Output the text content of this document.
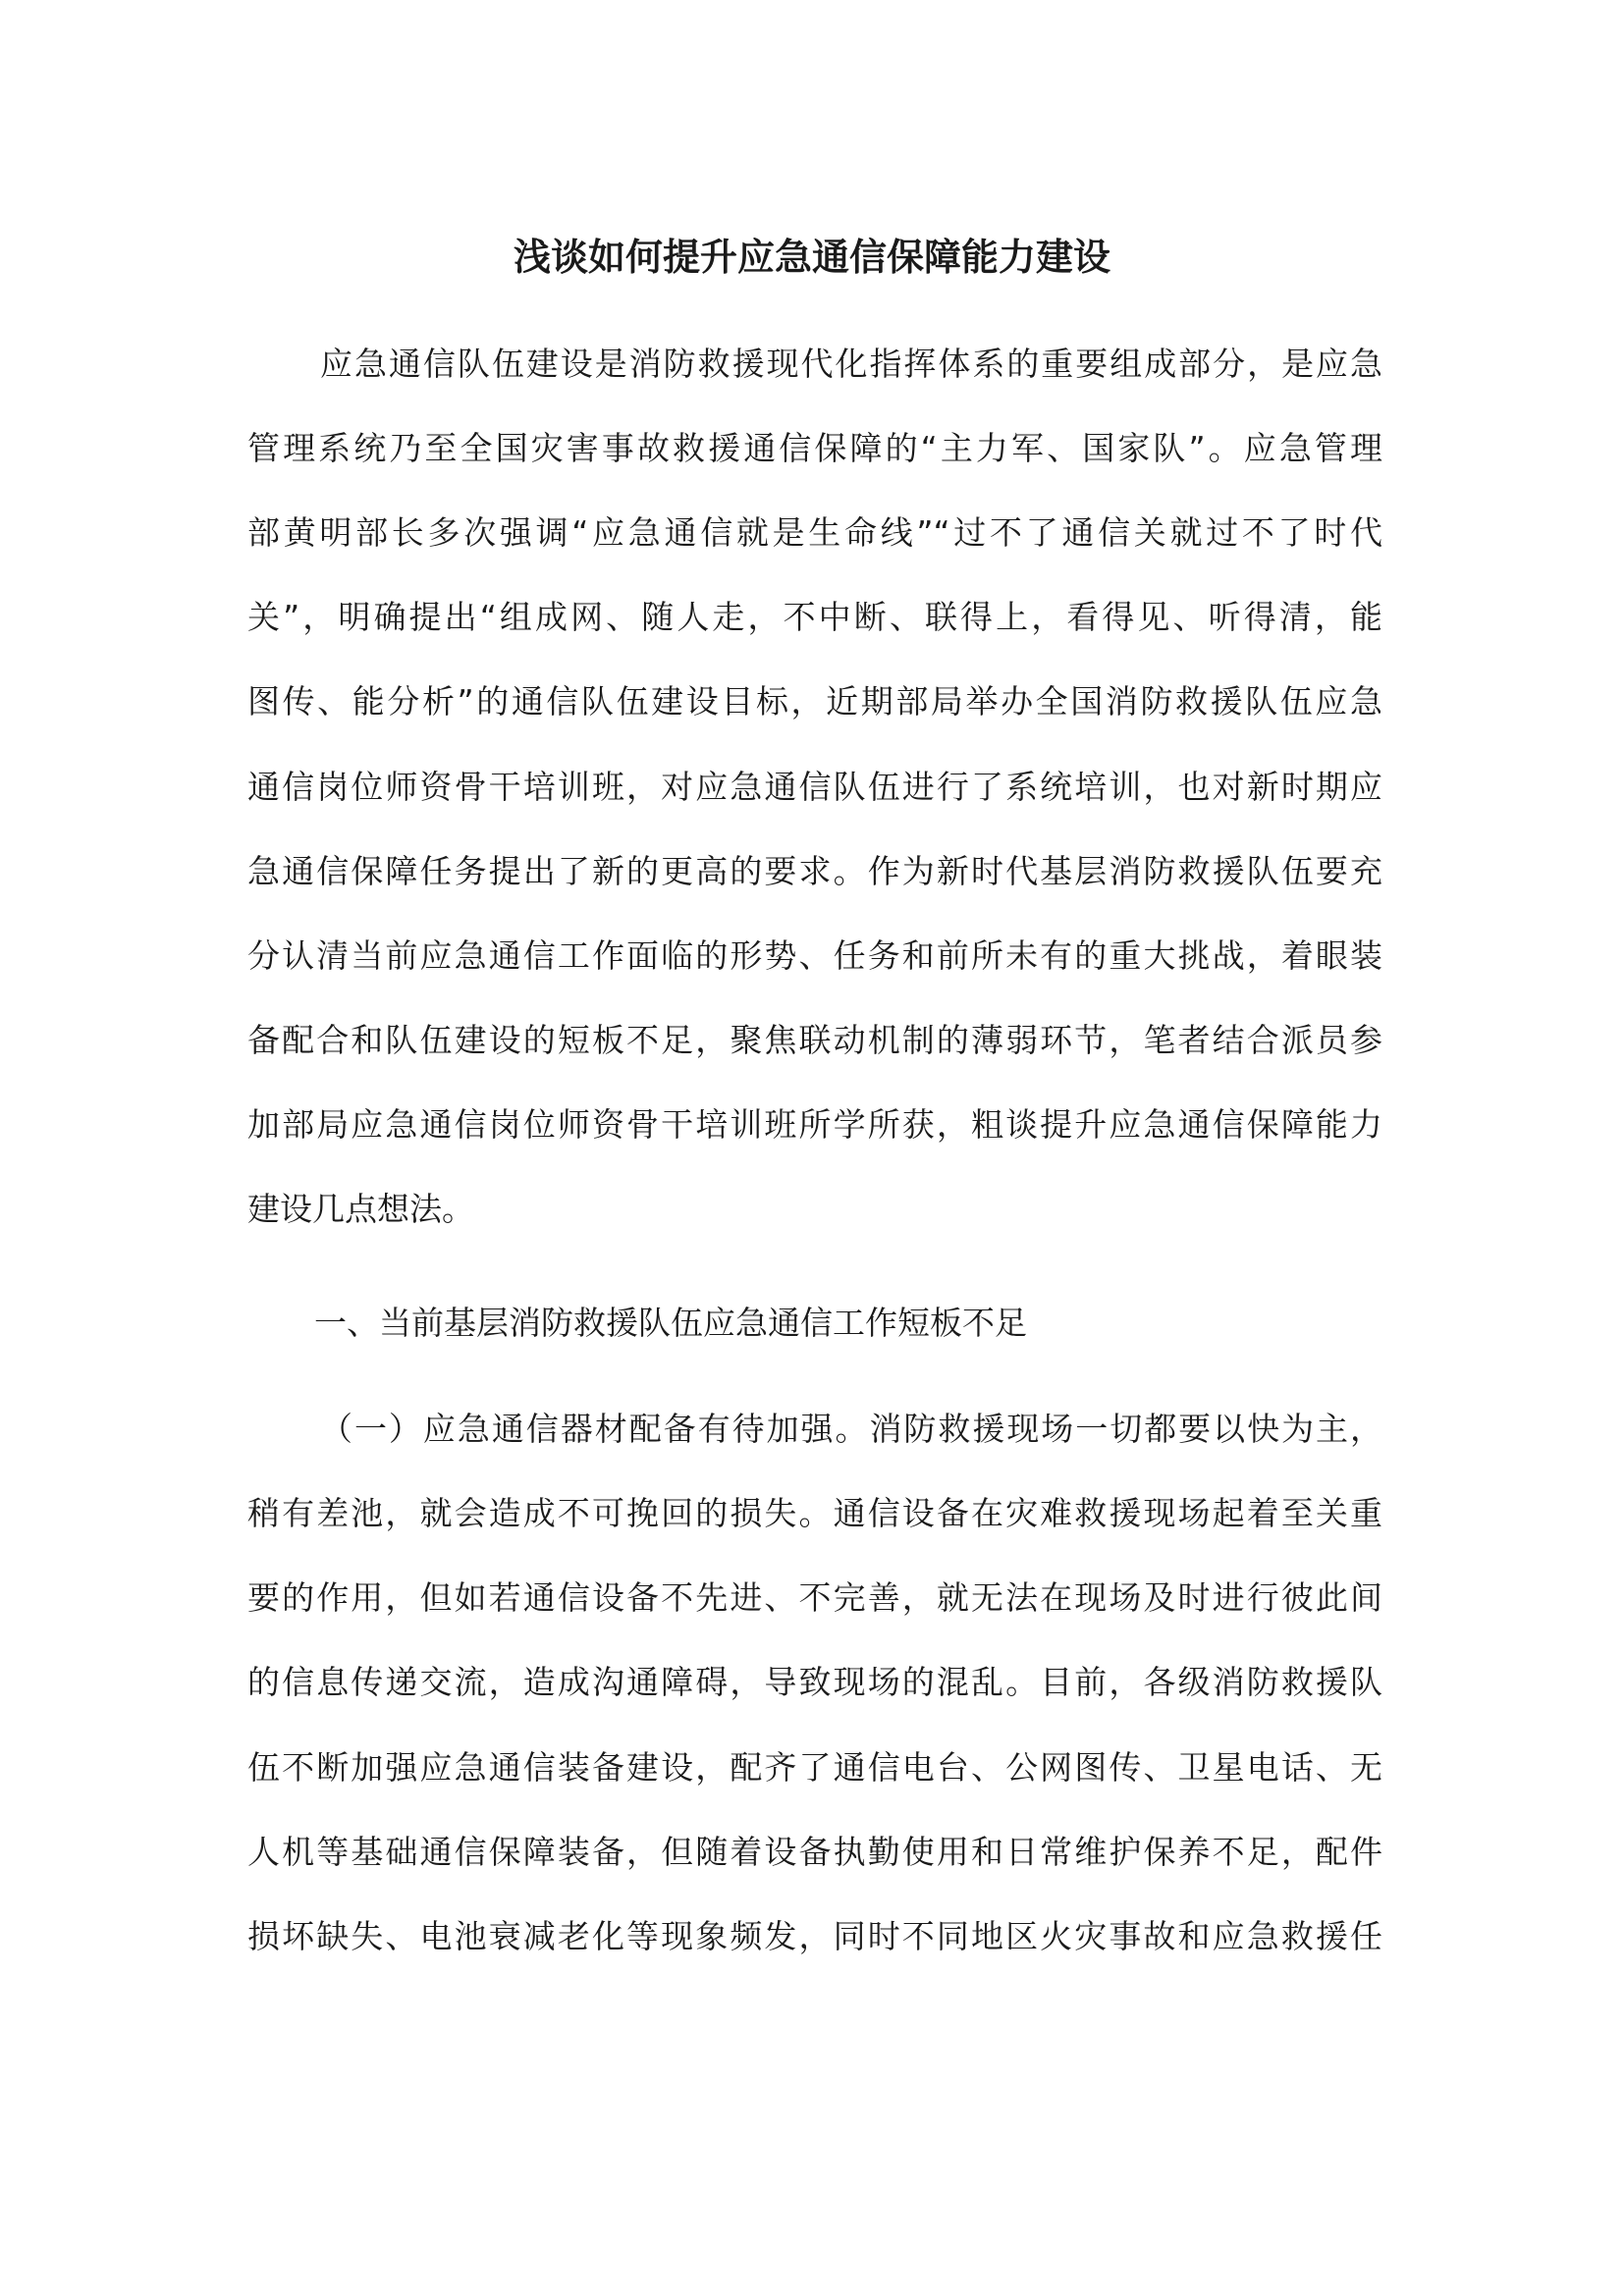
浅谈如何提升应急通信保障能力建设
应急通信队伍建设是消防救援现代化指挥体系的重要组成部分，是应急
管理系统乃至全国灾害事故救援通信保障的“主力军、国家队”。应急管理
部黄明部长多次强调“应急通信就是生命线”“过不了通信关就过不了时代
关”，明确提出“组成网、随人走，不中断、联得上，看得见、听得清，能
图传、能分析”的通信队伍建设目标，近期部局举办全国消防救援队伍应急
通信岗位师资骨干培训班，对应急通信队伍进行了系统培训，也对新时期应
急通信保障任务提出了新的更高的要求。作为新时代基层消防救援队伍要充
分认清当前应急通信工作面临的形势、任务和前所未有的重大挑战，着眼装
备配合和队伍建设的短板不足，聚焦联动机制的薄弱环节，笔者结合派员参
加部局应急通信岗位师资骨干培训班所学所获，粗谈提升应急通信保障能力
建设几点想法。
一、当前基层消防救援队伍应急通信工作短板不足
（一）应急通信器材配备有待加强。消防救援现场一切都要以快为主，
稍有差池，就会造成不可挽回的损失。通信设备在灾难救援现场起着至关重
要的作用，但如若通信设备不先进、不完善，就无法在现场及时进行彼此间
的信息传递交流，造成沟通障碍，导致现场的混乱。目前，各级消防救援队
伍不断加强应急通信装备建设，配齐了通信电台、公网图传、卫星电话、无
人机等基础通信保障装备，但随着设备执勤使用和日常维护保养不足，配件
损坏缺失、电池衰减老化等现象频发，同时不同地区火灾事故和应急救援任
